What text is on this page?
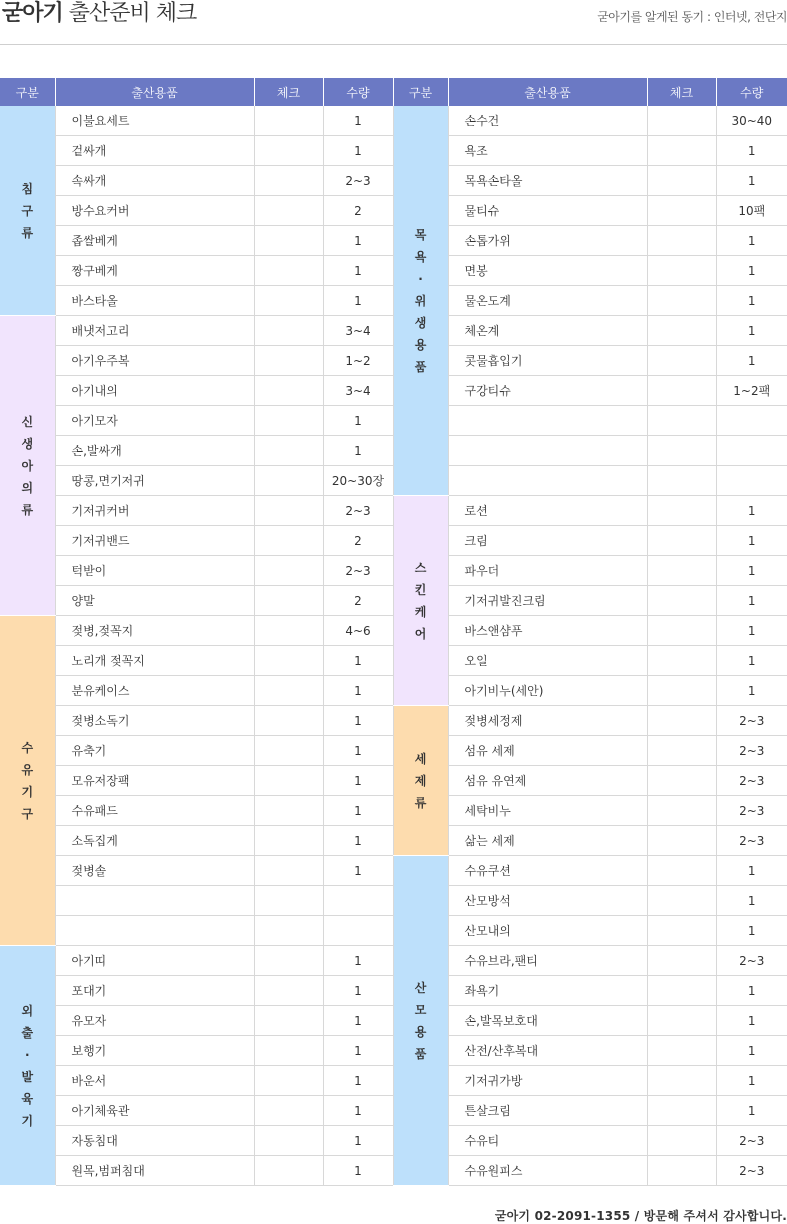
굳아기 출산준비 체크	굳아기를 알게된 동기 : 인터넷, 전단지
구분	출산용품	체크	수량	구분	출산용품	체크	수량
침구류	이불요세트		1	목욕·위생용품	손수건		30~40
	겉싸개		1		욕조		1
	속싸개		2~3		목욕손타올		1
	방수요커버		2		물티슈		10팩
	좁쌀베게		1		손톱가위		1
	짱구베게		1		면봉		1
	바스타올		1		물온도계		1
신생아의류	배냇저고리		3~4		체온계		1
	아기우주복		1~2		콧물흡입기		1
	아기내의		3~4		구강티슈		1~2팩
	아기모자		1				
	손,발싸개		1				
	땅콩,면기저귀		20~30장				
	기저귀커버		2~3	스킨케어	로션		1
	기저귀밴드		2		크림		1
	턱받이		2~3		파우더		1
	양말		2		기저귀발진크림		1
수유기구	젖병,젖꼭지		4~6		바스앤샴푸		1
	노리개 젖꼭지		1		오일		1
	분유케이스		1		아기비누(세안)		1
	젖병소독기		1	세제류	젖병세정제		2~3
	유축기		1		섬유 세제		2~3
	모유저장팩		1		섬유 유연제		2~3
	수유패드		1		세탁비누		2~3
	소독집게		1		삶는 세제		2~3
	젖병솔		1	산모용품	수유쿠션		1
					산모방석		1
					산모내의		1
외출·발육기	아기띠		1		수유브라,팬티		2~3
	포대기		1		좌욕기		1
	유모자		1		손,발목보호대		1
	보행기		1		산전/산후복대		1
	바운서		1		기저귀가방		1
	아기체육관		1		튼살크림		1
	자동침대		1		수유티		2~3
	원목,범퍼침대		1		수유원피스		2~3
굳아기 02-2091-1355 / 방문해 주셔서 감사합니다.
